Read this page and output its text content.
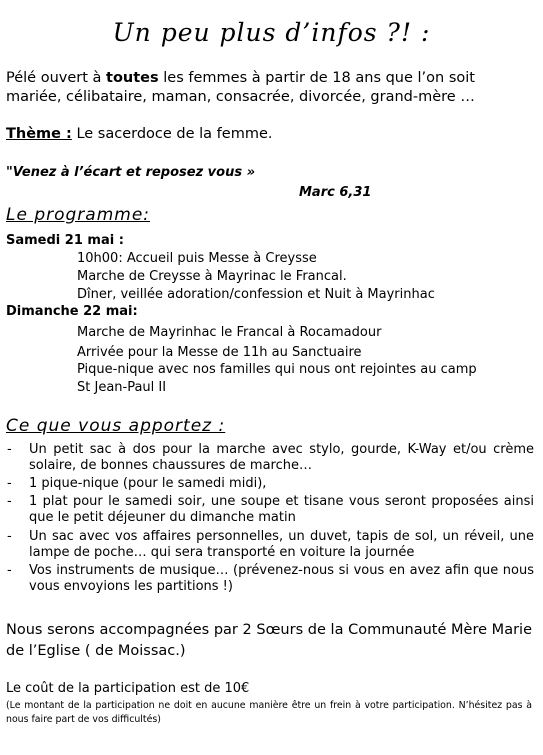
Un peu plus d’infos ?! :
Pélé ouvert à toutes les femmes à partir de 18 ans que l’on soit
mariée, célibataire, maman, consacrée, divorcée, grand-mère …
Thème : Le sacerdoce de la femme.
"Venez à l’écart et reposez vous »
Marc 6,31
Le programme:
Samedi 21 mai :
10h00: Accueil puis Messe à Creysse
Marche de Creysse à Mayrinac le Francal.
Dîner, veillée adoration/confession et Nuit à Mayrinhac
Dimanche 22 mai:
Marche de Mayrinhac le Francal à Rocamadour
Arrivée pour la Messe de 11h au Sanctuaire
Pique-nique avec nos familles qui nous ont rejointes au camp
St Jean-Paul II
Ce que vous apportez :
- Un petit sac à dos pour la marche avec stylo, gourde, K-Way et/ou crème solaire, de bonnes chaussures de marche…
- 1 pique-nique (pour le samedi midi),
- 1 plat pour le samedi soir, une soupe et tisane vous seront proposées ainsi que le petit déjeuner du dimanche matin
- Un sac avec vos affaires personnelles, un duvet, tapis de sol, un réveil, une lampe de poche… qui sera transporté en voiture la journée
- Vos instruments de musique… (prévenez-nous si vous en avez afin que nous vous envoyions les partitions !)
Nous serons accompagnées par 2 Sœurs de la Communauté Mère Marie de l’Eglise ( de Moissac.)
Le coût de la participation est de 10€
(Le montant de la participation ne doit en aucune manière être un frein à votre participation. N’hésitez pas à nous faire part de vos difficultés)
